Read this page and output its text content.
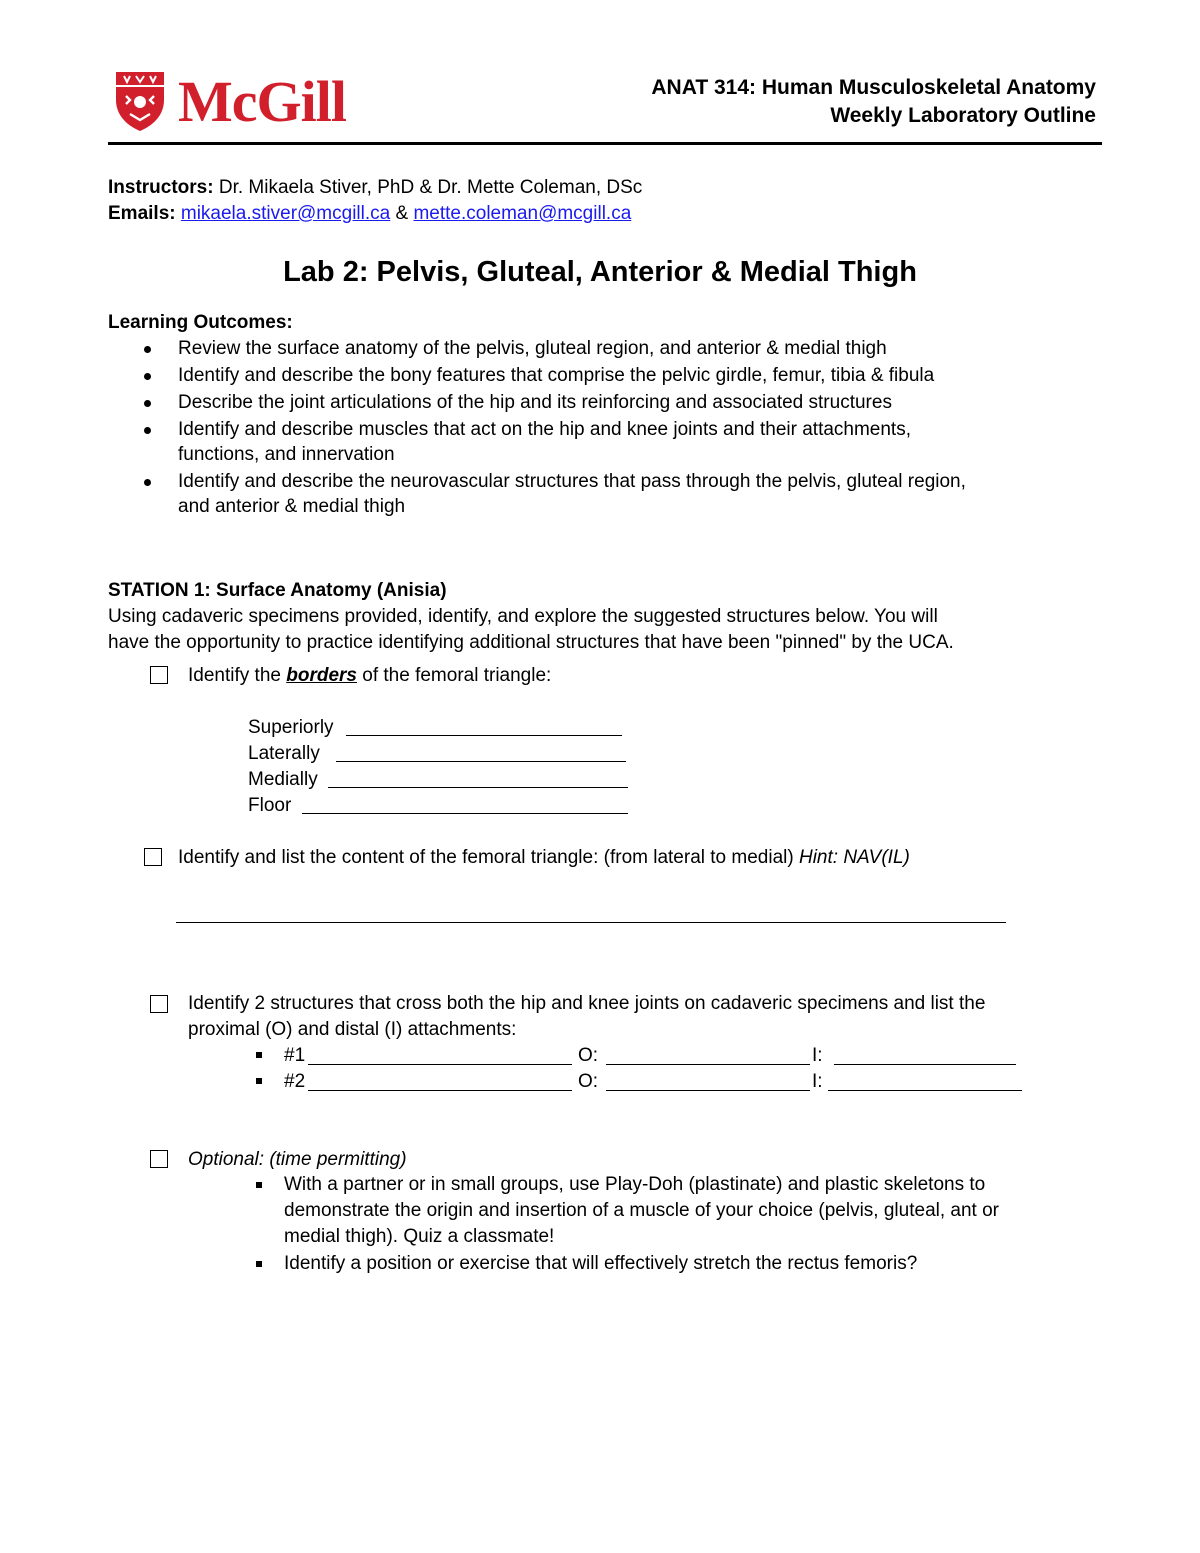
McGill	ANAT 314: Human Musculoskeletal Anatomy
Weekly Laboratory Outline
Instructors: Dr. Mikaela Stiver, PhD & Dr. Mette Coleman, DSc
Emails: mikaela.stiver@mcgill.ca & mette.coleman@mcgill.ca
Lab 2: Pelvis, Gluteal, Anterior & Medial Thigh
Learning Outcomes:
Review the surface anatomy of the pelvis, gluteal region, and anterior & medial thigh
Identify and describe the bony features that comprise the pelvic girdle, femur, tibia & fibula
Describe the joint articulations of the hip and its reinforcing and associated structures
Identify and describe muscles that act on the hip and knee joints and their attachments,
functions, and innervation
Identify and describe the neurovascular structures that pass through the pelvis, gluteal region,
and anterior & medial thigh
STATION 1: Surface Anatomy (Anisia)
Using cadaveric specimens provided, identify, and explore the suggested structures below. You will
have the opportunity to practice identifying additional structures that have been "pinned" by the UCA.
Identify the borders of the femoral triangle:
Superiorly
Laterally
Medially
Floor
Identify and list the content of the femoral triangle: (from lateral to medial) Hint: NAV(IL)
Identify 2 structures that cross both the hip and knee joints on cadaveric specimens and list the
proximal (O) and distal (I) attachments:
#1	O:	I:
#2	O:	I:
Optional: (time permitting)
With a partner or in small groups, use Play-Doh (plastinate) and plastic skeletons to
demonstrate the origin and insertion of a muscle of your choice (pelvis, gluteal, ant or
medial thigh). Quiz a classmate!
Identify a position or exercise that will effectively stretch the rectus femoris?
